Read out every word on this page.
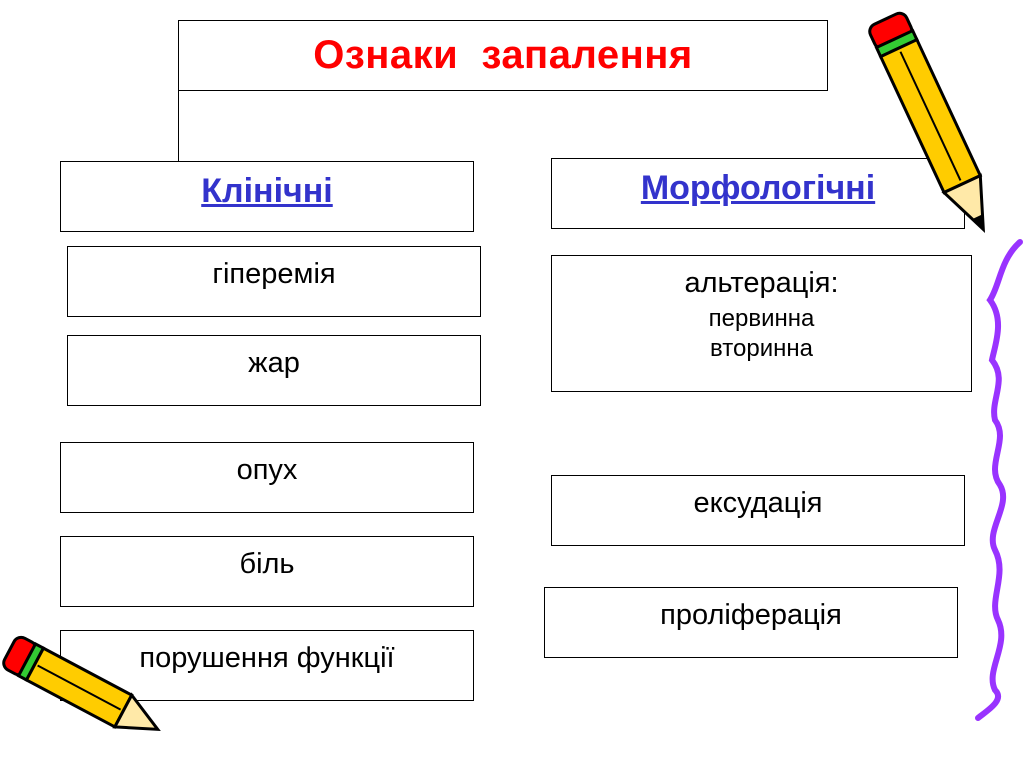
Ознаки  запалення
Клінічні	Морфологічні
гіперемія
жар
опух
біль
порушення функції
альтерація:
первинна
вторинна
ексудація
проліферація
